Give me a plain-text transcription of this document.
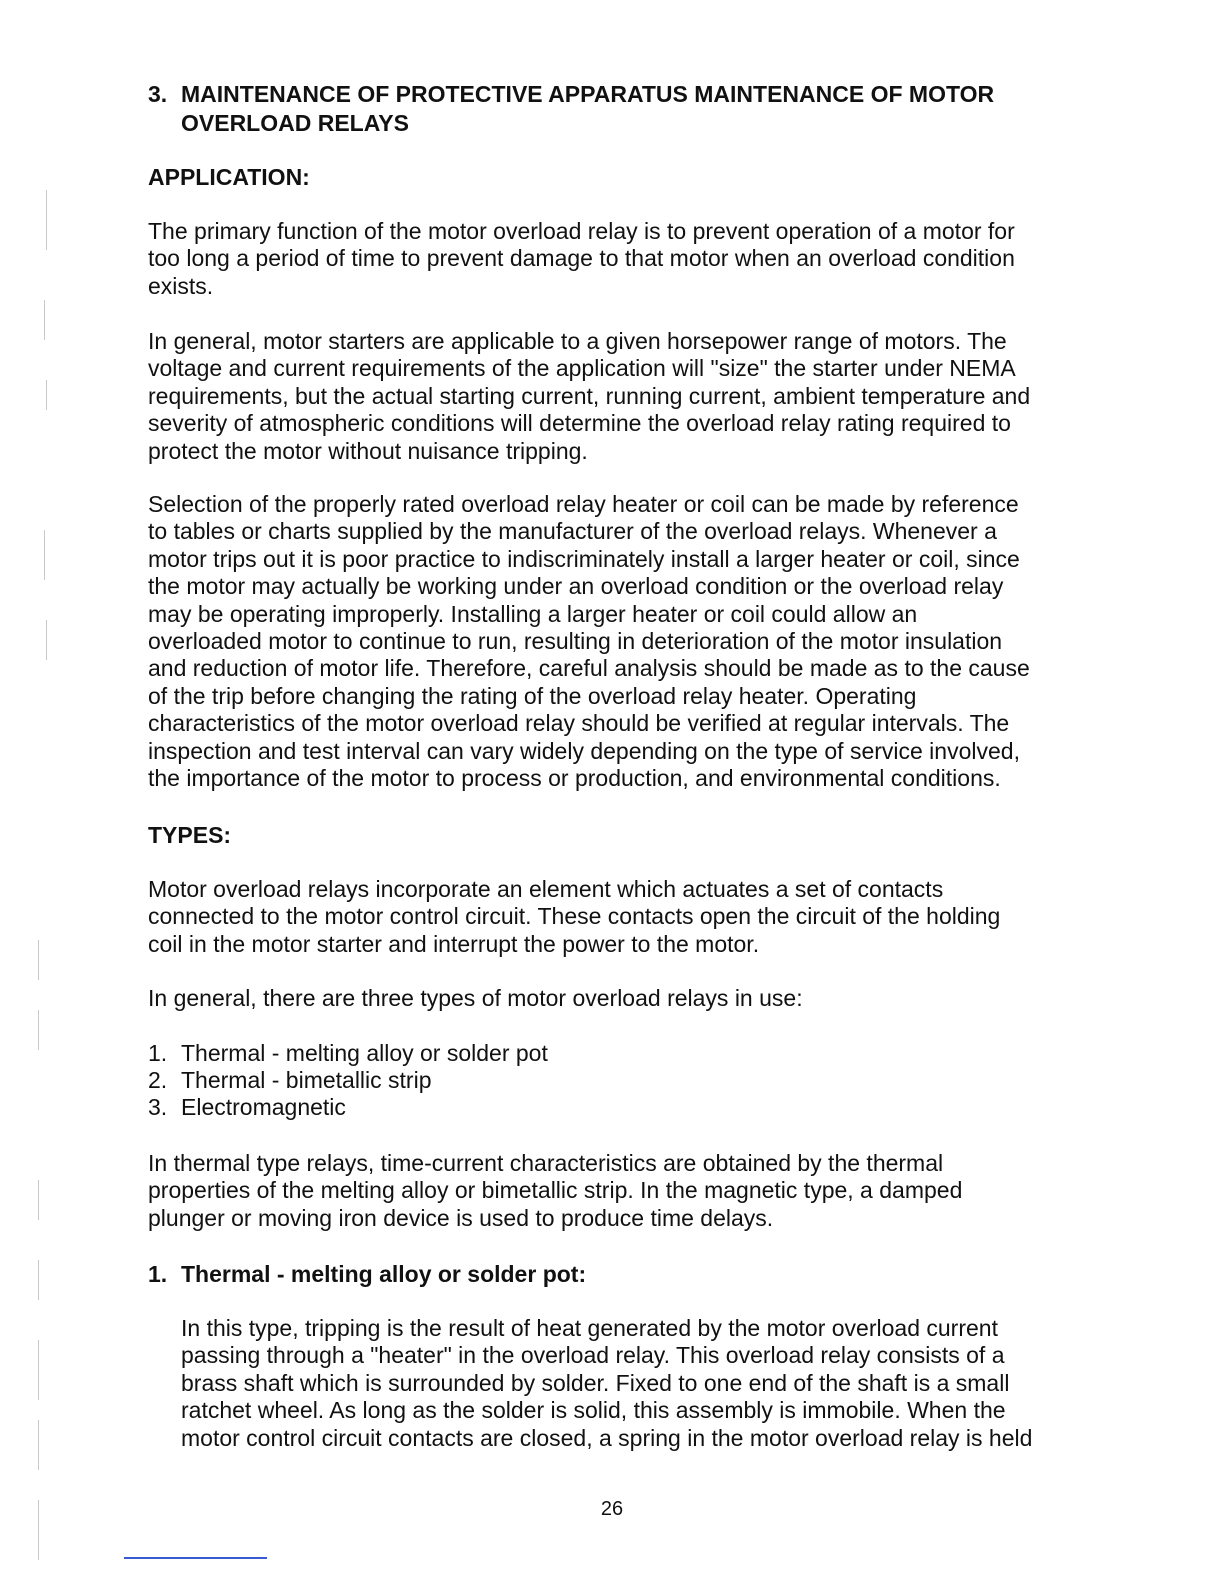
3. MAINTENANCE OF PROTECTIVE APPARATUS MAINTENANCE OF MOTOR
OVERLOAD RELAYS
APPLICATION:
The primary function of the motor overload relay is to prevent operation of a motor for
too long a period of time to prevent damage to that motor when an overload condition
exists.
In general, motor starters are applicable to a given horsepower range of motors. The
voltage and current requirements of the application will "size" the starter under NEMA
requirements, but the actual starting current, running current, ambient temperature and
severity of atmospheric conditions will determine the overload relay rating required to
protect the motor without nuisance tripping.
Selection of the properly rated overload relay heater or coil can be made by reference
to tables or charts supplied by the manufacturer of the overload relays. Whenever a
motor trips out it is poor practice to indiscriminately install a larger heater or coil, since
the motor may actually be working under an overload condition or the overload relay
may be operating improperly. Installing a larger heater or coil could allow an
overloaded motor to continue to run, resulting in deterioration of the motor insulation
and reduction of motor life. Therefore, careful analysis should be made as to the cause
of the trip before changing the rating of the overload relay heater. Operating
characteristics of the motor overload relay should be verified at regular intervals. The
inspection and test interval can vary widely depending on the type of service involved,
the importance of the motor to process or production, and environmental conditions.
TYPES:
Motor overload relays incorporate an element which actuates a set of contacts
connected to the motor control circuit. These contacts open the circuit of the holding
coil in the motor starter and interrupt the power to the motor.
In general, there are three types of motor overload relays in use:
1. Thermal - melting alloy or solder pot
2. Thermal - bimetallic strip
3. Electromagnetic
In thermal type relays, time-current characteristics are obtained by the thermal
properties of the melting alloy or bimetallic strip. In the magnetic type, a damped
plunger or moving iron device is used to produce time delays.
1. Thermal - melting alloy or solder pot:
In this type, tripping is the result of heat generated by the motor overload current
passing through a "heater" in the overload relay. This overload relay consists of a
brass shaft which is surrounded by solder. Fixed to one end of the shaft is a small
ratchet wheel. As long as the solder is solid, this assembly is immobile. When the
motor control circuit contacts are closed, a spring in the motor overload relay is held
26
